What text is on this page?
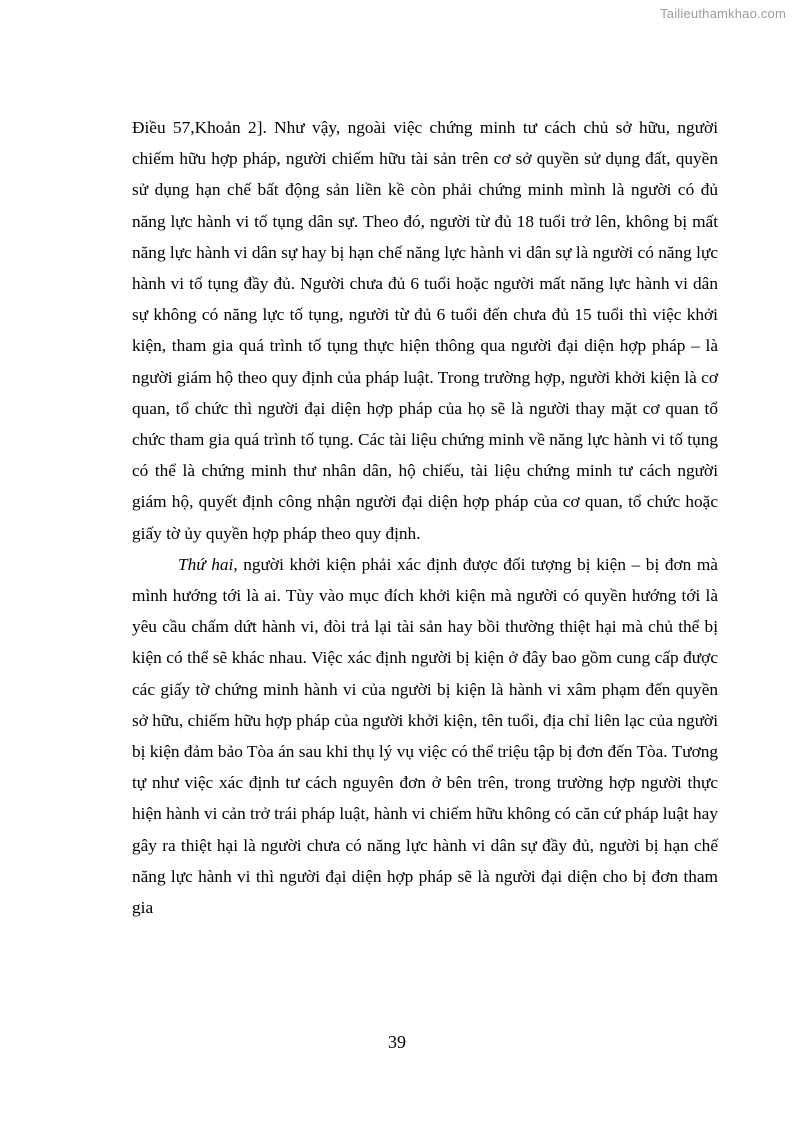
Tailieuthamkhao.com

Điều 57,Khoản 2]. Như vậy, ngoài việc chứng minh tư cách chủ sở hữu, người chiếm hữu hợp pháp, người chiếm hữu tài sản trên cơ sở quyền sử dụng đất, quyền sử dụng hạn chế bất động sản liền kề còn phải chứng minh mình là người có đủ năng lực hành vi tố tụng dân sự. Theo đó, người từ đủ 18 tuổi trở lên, không bị mất năng lực hành vi dân sự hay bị hạn chế năng lực hành vi dân sự là người có năng lực hành vi tố tụng đầy đủ. Người chưa đủ 6 tuổi hoặc người mất năng lực hành vi dân sự không có năng lực tố tụng, người từ đủ 6 tuổi đến chưa đủ 15 tuổi thì việc khởi kiện, tham gia quá trình tố tụng thực hiện thông qua người đại diện hợp pháp – là người giám hộ theo quy định của pháp luật. Trong trường hợp, người khởi kiện là cơ quan, tổ chức thì người đại diện hợp pháp của họ sẽ là người thay mặt cơ quan tổ chức tham gia quá trình tố tụng. Các tài liệu chứng minh về năng lực hành vi tố tụng có thể là chứng minh thư nhân dân, hộ chiếu, tài liệu chứng minh tư cách người giám hộ, quyết định công nhận người đại diện hợp pháp của cơ quan, tổ chức hoặc giấy tờ ủy quyền hợp pháp theo quy định.

Thứ hai, người khởi kiện phải xác định được đối tượng bị kiện – bị đơn mà mình hướng tới là ai. Tùy vào mục đích khởi kiện mà người có quyền hướng tới là yêu cầu chấm dứt hành vi, đòi trả lại tài sản hay bồi thường thiệt hại mà chủ thể bị kiện có thể sẽ khác nhau. Việc xác định người bị kiện ở đây bao gồm cung cấp được các giấy tờ chứng minh hành vi của người bị kiện là hành vi xâm phạm đến quyền sở hữu, chiếm hữu hợp pháp của người khởi kiện, tên tuổi, địa chỉ liên lạc của người bị kiện đảm bảo Tòa án sau khi thụ lý vụ việc có thể triệu tập bị đơn đến Tòa. Tương tự như việc xác định tư cách nguyên đơn ở bên trên, trong trường hợp người thực hiện hành vi cản trở trái pháp luật, hành vi chiếm hữu không có căn cứ pháp luật hay gây ra thiệt hại là người chưa có năng lực hành vi dân sự đầy đủ, người bị hạn chế năng lực hành vi thì người đại diện hợp pháp sẽ là người đại diện cho bị đơn tham gia

39
